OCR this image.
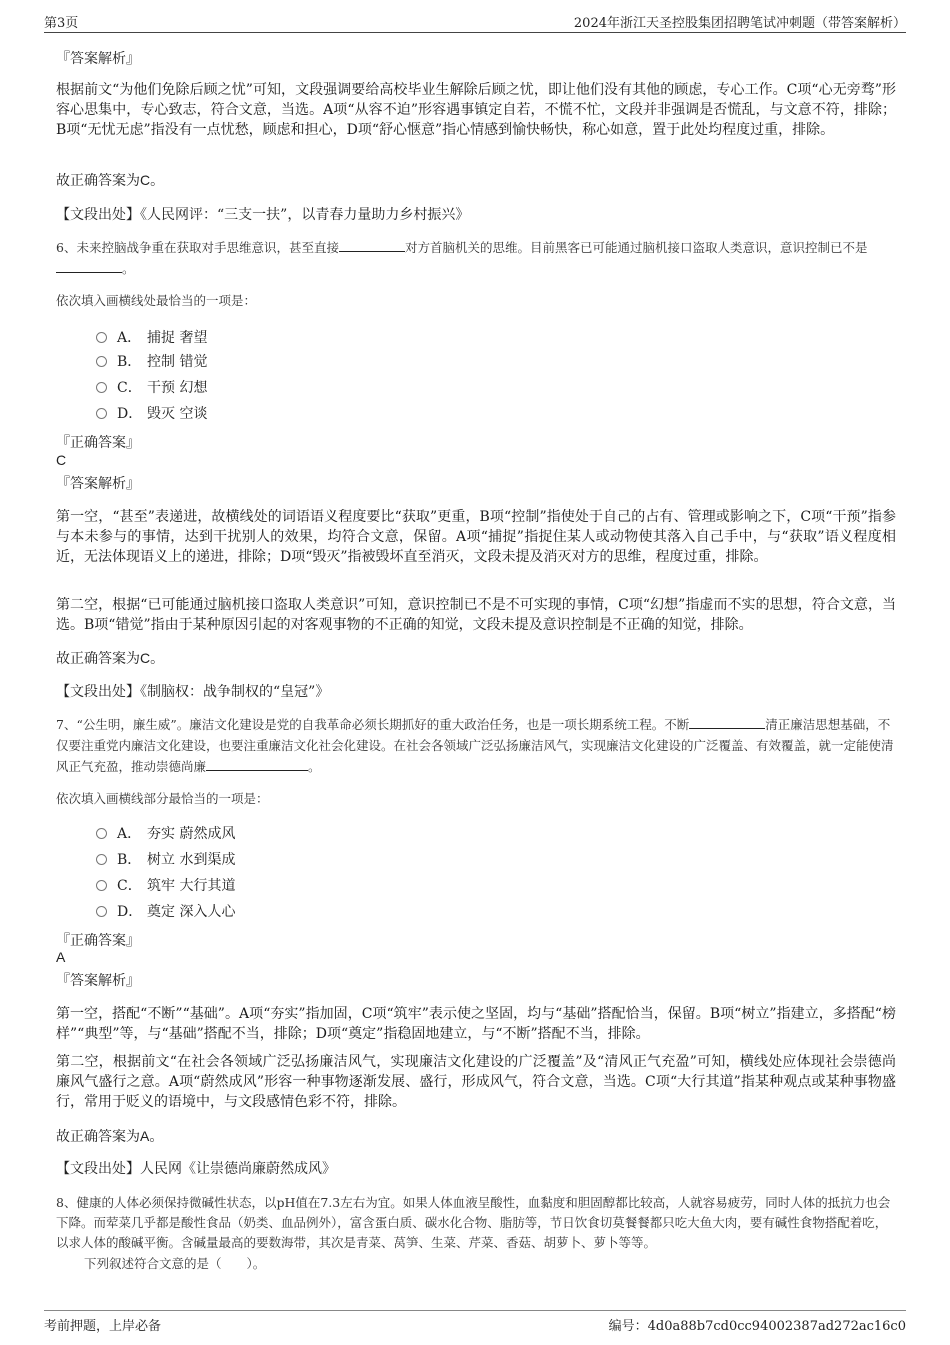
第3页	2024年浙江天圣控股集团招聘笔试冲刺题（带答案解析）
『答案解析』

根据前文“为他们免除后顾之忧”可知，文段强调要给高校毕业生解除后顾之忧，即让他们没有其他的顾虑，专心工作。C项“心无旁骛”形容心思集中，专心致志，符合文意，当选。A项“从容不迫”形容遇事镇定自若，不慌不忙，文段并非强调是否慌乱，与文意不符，排除；B项“无忧无虑”指没有一点忧愁，顾虑和担心，D项“舒心惬意”指心情感到愉快畅快，称心如意，置于此处均程度过重，排除。

故正确答案为C。
【文段出处】《人民网评：“三支一扶”，以青春力量助力乡村振兴》
6、未来控脑战争重在获取对手思维意识，甚至直接	对方首脑机关的思维。目前黑客已可能通过脑机接口盗取人类意识，意识控制已不是。
依次填入画横线处最恰当的一项是：
A． 捕捉 奢望
B． 控制 错觉
C． 干预 幻想
D． 毁灭 空谈
『正确答案』
C
『答案解析』

第一空，“甚至”表递进，故横线处的词语语义程度要比“获取”更重，B项“控制”指使处于自己的占有、管理或影响之下，C项“干预”指参与本未参与的事情，达到干扰别人的效果，均符合文意，保留。A项“捕捉”指捉住某人或动物使其落入自己手中，与“获取”语义程度相近，无法体现语义上的递进，排除；D项“毁灭”指被毁坏直至消灭，文段未提及消灭对方的思维，程度过重，排除。

第二空，根据“已可能通过脑机接口盗取人类意识”可知，意识控制已不是不可实现的事情，C项“幻想”指虚而不实的思想，符合文意，当选。B项“错觉”指由于某种原因引起的对客观事物的不正确的知觉，文段未提及意识控制是不正确的知觉，排除。

故正确答案为C。
【文段出处】《制脑权：战争制权的“皇冠”》
7、“公生明，廉生威”。廉洁文化建设是党的自我革命必须长期抓好的重大政治任务，也是一项长期系统工程。不断	清正廉洁思想基础，不仅要注重党内廉洁文化建设，也要注重廉洁文化社会化建设。在社会各领域广泛弘扬廉洁风气，实现廉洁文化建设的广泛覆盖、有效覆盖，就一定能使清风正气充盈，推动崇德尚廉	。
依次填入画横线部分最恰当的一项是：
A． 夯实 蔚然成风
B． 树立 水到渠成
C． 筑牢 大行其道
D． 奠定 深入人心
『正确答案』
A
『答案解析』

第一空，搭配“不断”“基础”。A项“夯实”指加固，C项“筑牢”表示使之坚固，均与“基础”搭配恰当，保留。B项“树立”指建立，多搭配“榜样”“典型”等，与“基础”搭配不当，排除；D项“奠定”指稳固地建立，与“不断”搭配不当，排除。

第二空，根据前文“在社会各领域广泛弘扬廉洁风气，实现廉洁文化建设的广泛覆盖”及“清风正气充盈”可知，横线处应体现社会崇德尚廉风气盛行之意。A项“蔚然成风”形容一种事物逐渐发展、盛行，形成风气，符合文意，当选。C项“大行其道”指某种观点或某种事物盛行，常用于贬义的语境中，与文段感情色彩不符，排除。

故正确答案为A。
【文段出处】人民网《让崇德尚廉蔚然成风》
8、健康的人体必须保持微碱性状态，以pH值在7.3左右为宜。如果人体血液呈酸性，血黏度和胆固醇都比较高，人就容易疲劳，同时人体的抵抗力也会下降。而荤菜几乎都是酸性食品（奶类、血品例外），富含蛋白质、碳水化合物、脂肪等，节日饮食切莫餐餐都只吃大鱼大肉，要有碱性食物搭配着吃，以求人体的酸碱平衡。含碱量最高的要数海带，其次是青菜、莴笋、生菜、芹菜、香菇、胡萝卜、萝卜等等。
下列叙述符合文意的是（　　）。
考前押题，上岸必备	编号：4d0a88b7cd0cc94002387ad272ac16c0
